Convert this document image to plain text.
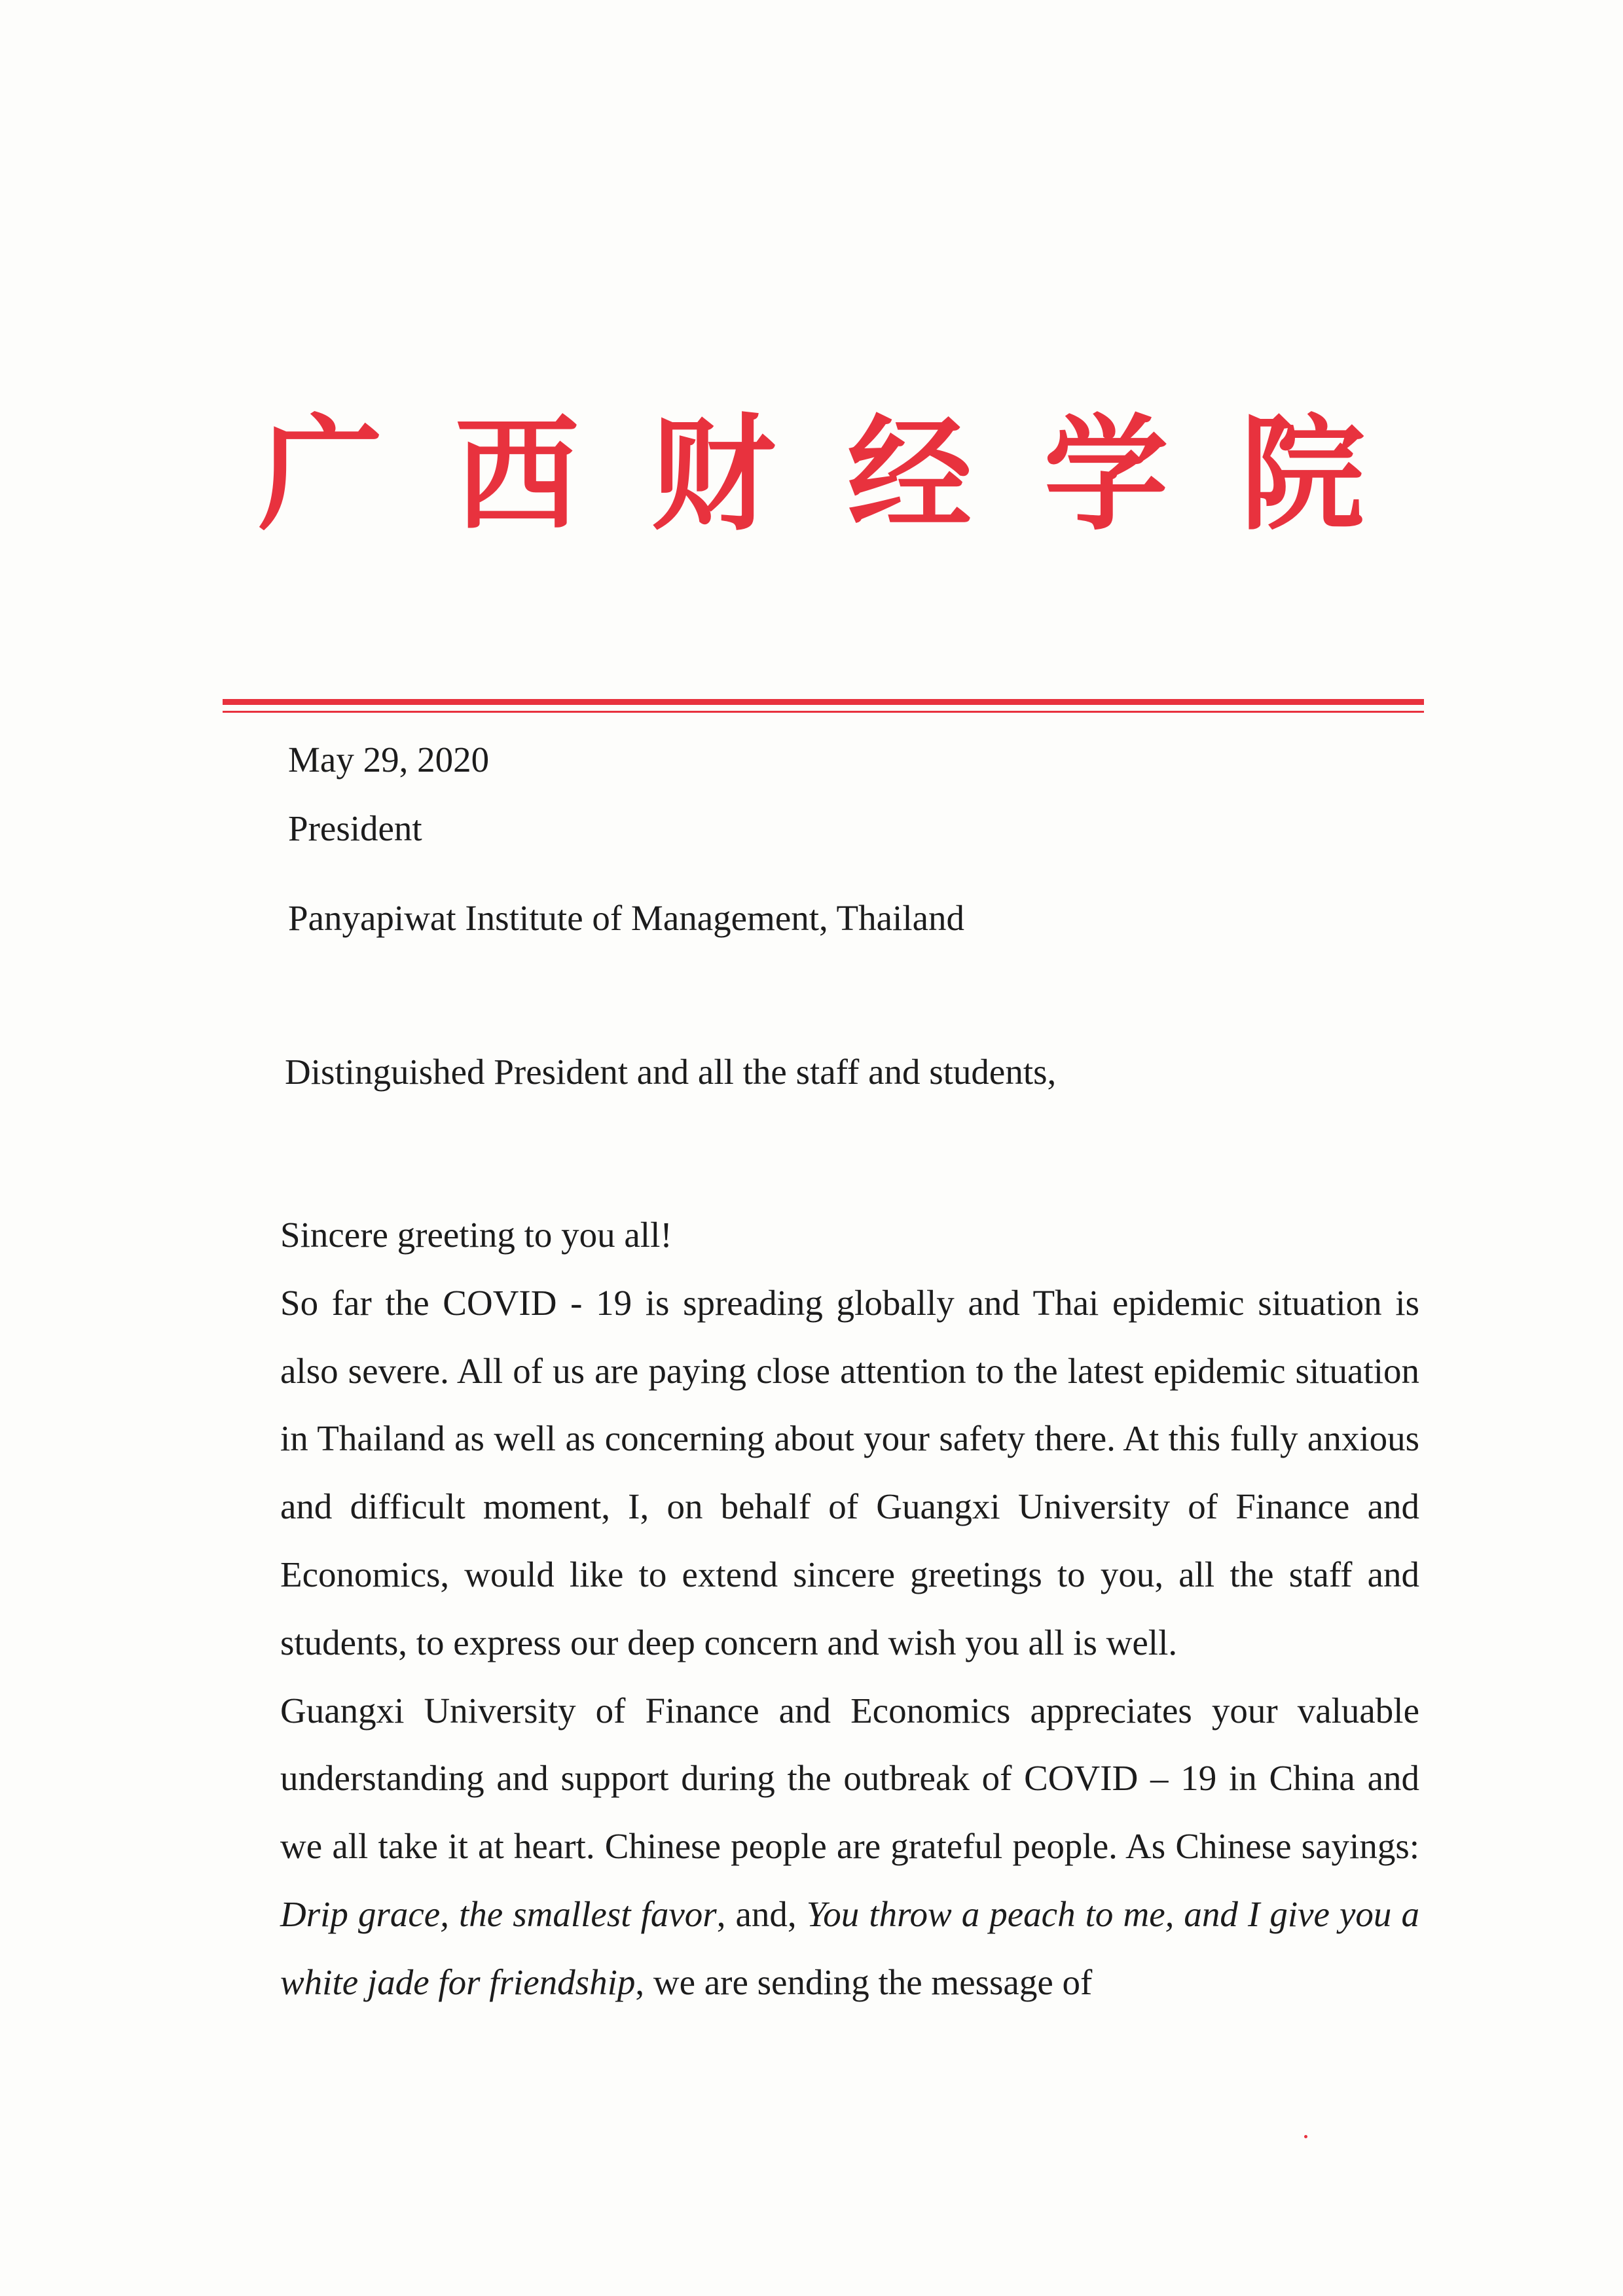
广西财经学院
May 29, 2020
President
Panyapiwat Institute of Management, Thailand
Distinguished President and all the staff and students,

Sincere greeting to you all!

So far the COVID - 19 is spreading globally and Thai epidemic situation is also severe. All of us are paying close attention to the latest epidemic situation in Thailand as well as concerning about your safety there. At this fully anxious and difficult moment, I, on behalf of Guangxi University of Finance and Economics, would like to extend sincere greetings to you, all the staff and students, to express our deep concern and wish you all is well.

Guangxi University of Finance and Economics appreciates your valuable understanding and support during the outbreak of COVID – 19 in China and we all take it at heart. Chinese people are grateful people. As Chinese sayings: Drip grace, the smallest favor, and, You throw a peach to me, and I give you a white jade for friendship, we are sending the message of
